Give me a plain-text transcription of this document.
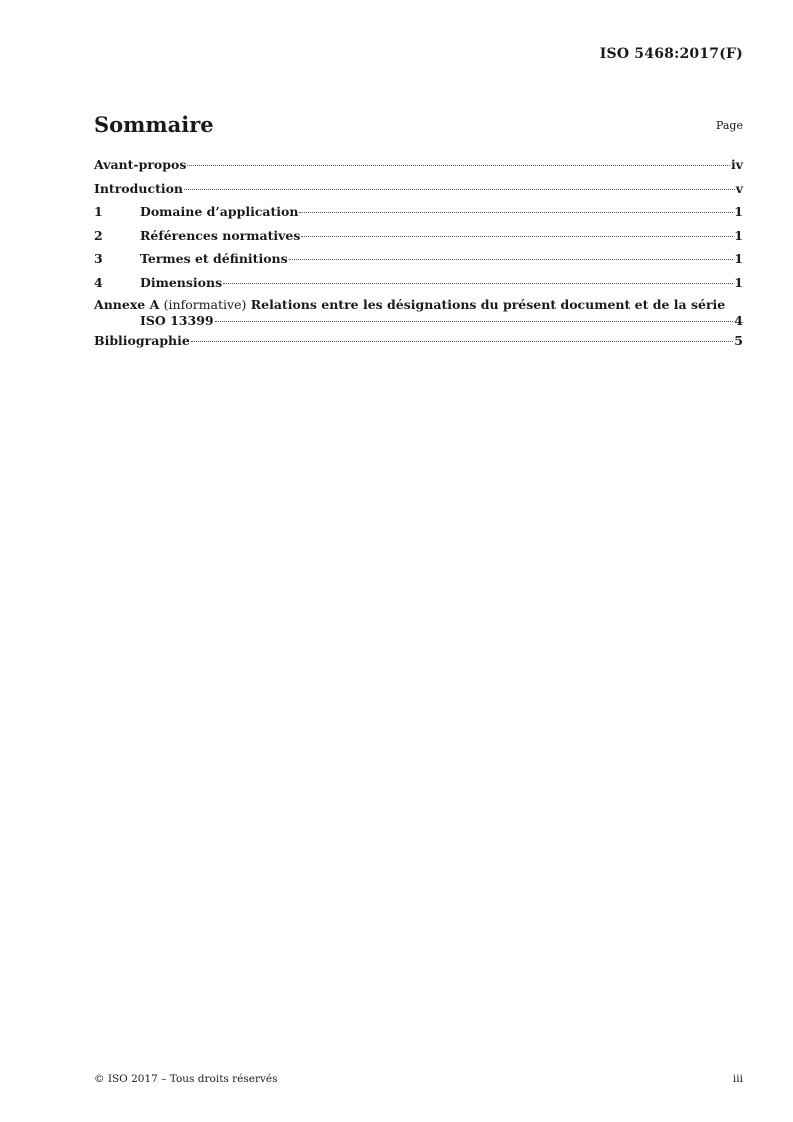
ISO 5468:2017(F)
Sommaire	Page
Avant-propos	iv
Introduction	v
1	Domaine d’application	1
2	Références normatives	1
3	Termes et définitions	1
4	Dimensions	1
Annexe A (informative) Relations entre les désignations du présent document et de la série
ISO 13399	4
Bibliographie	5
© ISO 2017 – Tous droits réservés	iii
